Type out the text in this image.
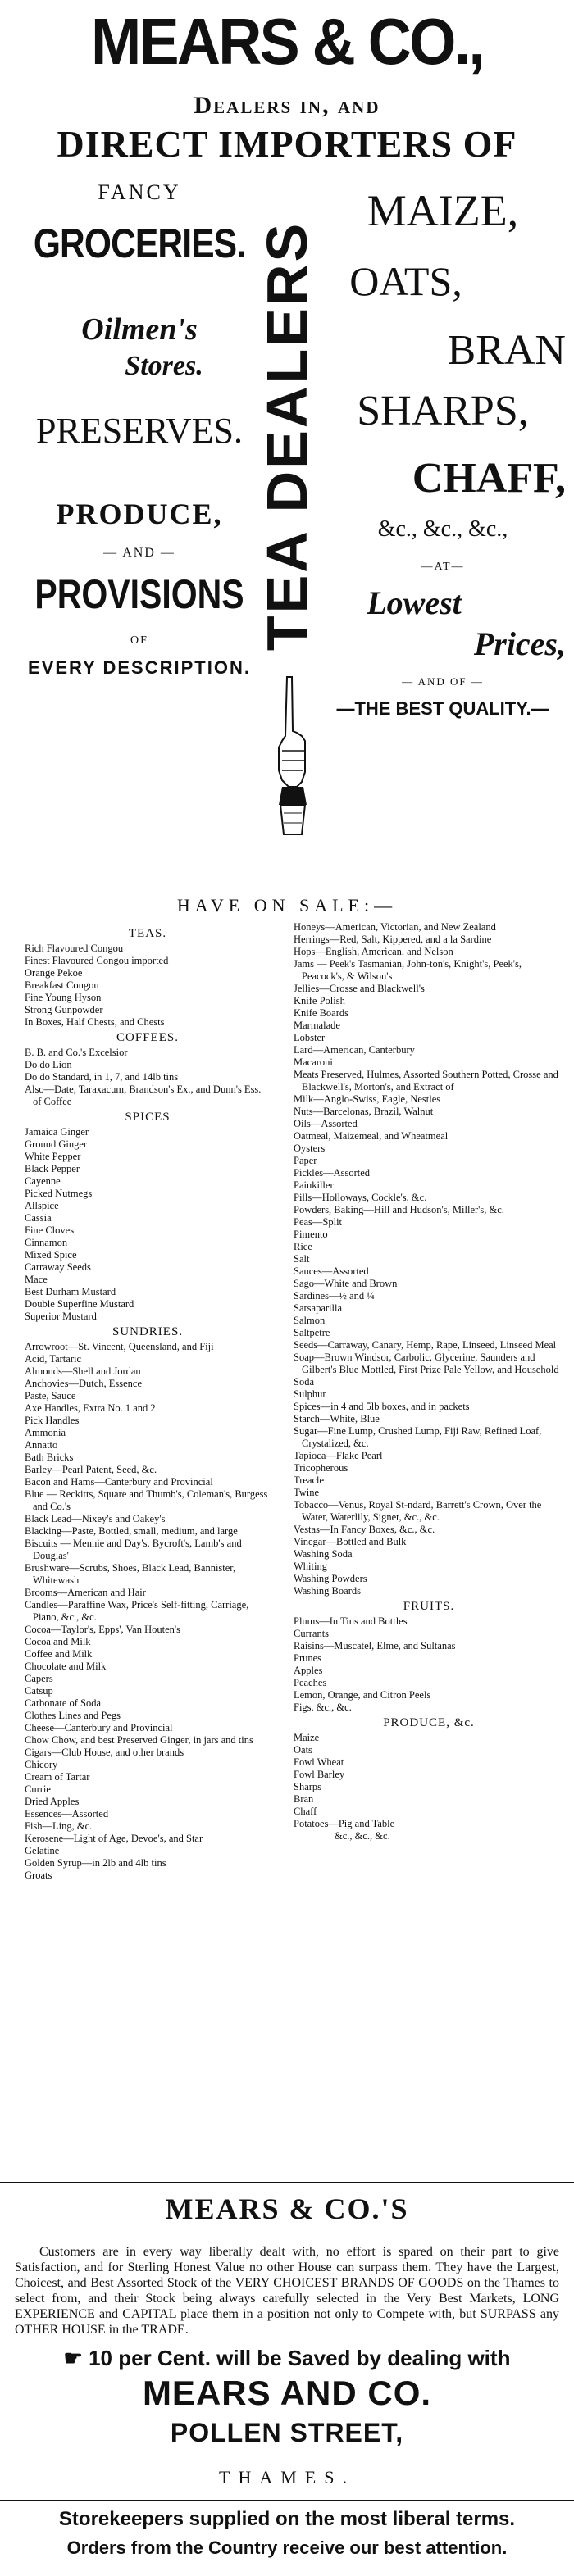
MEARS & CO.,
Dealers in, and
DIRECT IMPORTERS OF
FANCY
GROCERIES.
Oilmen's
Stores.
PRESERVES.
PRODUCE,
— AND —
PROVISIONS
OF
EVERY DESCRIPTION.
TEA DEALERS
MAIZE,
OATS,
BRAN
SHARPS,
CHAFF,
&c., &c., &c.,
—AT—
Lowest
Prices,
— AND OF —
—THE BEST QUALITY.—
HAVE ON SALE:—
TEAS.
Rich Flavoured Congou
Finest Flavoured Congou imported
Orange Pekoe
Breakfast Congou
Fine Young Hyson
Strong Gunpowder
In Boxes, Half Chests, and Chests
COFFEES.
B. B. and Co.'s Excelsior
Do do Lion
Do do Standard, in 1, 7, and 14lb tins
Also—Date, Taraxacum, Brandson's Ex., and Dunn's Ess. of Coffee
SPICES
Jamaica Ginger
Ground Ginger
White Pepper
Black Pepper
Cayenne
Picked Nutmegs
Allspice
Cassia
Fine Cloves
Cinnamon
Mixed Spice
Carraway Seeds
Mace
Best Durham Mustard
Double Superfine Mustard
Superior Mustard
SUNDRIES.
Arrowroot—St. Vincent, Queensland, and Fiji
Acid, Tartaric
Almonds—Shell and Jordan
Anchovies—Dutch, Essence
Paste, Sauce
Axe Handles, Extra No. 1 and 2
Pick Handles
Ammonia
Annatto
Bath Bricks
Barley—Pearl Patent, Seed, &c.
Bacon and Hams—Canterbury and Provincial
Blue — Reckitts, Square and Thumb's, Coleman's, Burgess and Co.'s
Black Lead—Nixey's and Oakey's
Blacking—Paste, Bottled, small, medium, and large
Biscuits — Mennie and Day's, Bycroft's, Lamb's and Douglas'
Brushware—Scrubs, Shoes, Black Lead, Bannister, Whitewash
Brooms—American and Hair
Candles—Paraffine Wax, Price's Self-fitting, Carriage, Piano, &c., &c.
Cocoa—Taylor's, Epps', Van Houten's
Cocoa and Milk
Coffee and Milk
Chocolate and Milk
Capers
Catsup
Carbonate of Soda
Clothes Lines and Pegs
Cheese—Canterbury and Provincial
Chow Chow, and best Preserved Ginger, in jars and tins
Cigars—Club House, and other brands
Chicory
Cream of Tartar
Currie
Dried Apples
Essences—Assorted
Fish—Ling, &c.
Kerosene—Light of Age, Devoe's, and Star
Gelatine
Golden Syrup—in 2lb and 4lb tins
Groats
Honeys—American, Victorian, and New Zealand
Herrings—Red, Salt, Kippered, and a la Sardine
Hops—English, American, and Nelson
Jams — Peek's Tasmanian, John-ton's, Knight's, Peek's, Peacock's, & Wilson's
Jellies—Crosse and Blackwell's
Knife Polish
Knife Boards
Marmalade
Lobster
Lard—American, Canterbury
Macaroni
Meats Preserved, Hulmes, Assorted Southern Potted, Crosse and Blackwell's, Morton's, and Extract of
Milk—Anglo-Swiss, Eagle, Nestles
Nuts—Barcelonas, Brazil, Walnut
Oils—Assorted
Oatmeal, Maizemeal, and Wheatmeal
Oysters
Paper
Pickles—Assorted
Painkiller
Pills—Holloways, Cockle's, &c.
Powders, Baking—Hill and Hudson's, Miller's, &c.
Peas—Split
Pimento
Rice
Salt
Sauces—Assorted
Sago—White and Brown
Sardines—½ and ¼
Sarsaparilla
Salmon
Saltpetre
Seeds—Carraway, Canary, Hemp, Rape, Linseed, Linseed Meal
Soap—Brown Windsor, Carbolic, Glycerine, Saunders and Gilbert's Blue Mottled, First Prize Pale Yellow, and Household
Soda
Sulphur
Spices—in 4 and 5lb boxes, and in packets
Starch—White, Blue
Sugar—Fine Lump, Crushed Lump, Fiji Raw, Refined Loaf, Crystalized, &c.
Tapioca—Flake Pearl
Tricopherous
Treacle
Twine
Tobacco—Venus, Royal St-ndard, Barrett's Crown, Over the Water, Waterlily, Signet, &c., &c.
Vestas—In Fancy Boxes, &c., &c.
Vinegar—Bottled and Bulk
Washing Soda
Whiting
Washing Powders
Washing Boards
FRUITS.
Plums—In Tins and Bottles
Currants
Raisins—Muscatel, Elme, and Sultanas
Prunes
Apples
Peaches
Lemon, Orange, and Citron Peels
Figs, &c., &c.
PRODUCE, &c.
Maize
Oats
Fowl Wheat
Fowl Barley
Sharps
Bran
Chaff
Potatoes—Pig and Table
&c., &c., &c.
MEARS & CO.'S
Customers are in every way liberally dealt with, no effort is spared on their part to give Satisfaction, and for Sterling Honest Value no other House can surpass them. They have the Largest, Choicest, and Best Assorted Stock of the VERY CHOICEST BRANDS OF GOODS on the Thames to select from, and their Stock being always carefully selected in the Very Best Markets, LONG EXPERIENCE and CAPITAL place them in a position not only to Compete with, but SURPASS any OTHER HOUSE in the TRADE.
☛ 10 per Cent. will be Saved by dealing with
MEARS AND CO.
POLLEN STREET,
THAMES.
Storekeepers supplied on the most liberal terms.
Orders from the Country receive our best attention.
